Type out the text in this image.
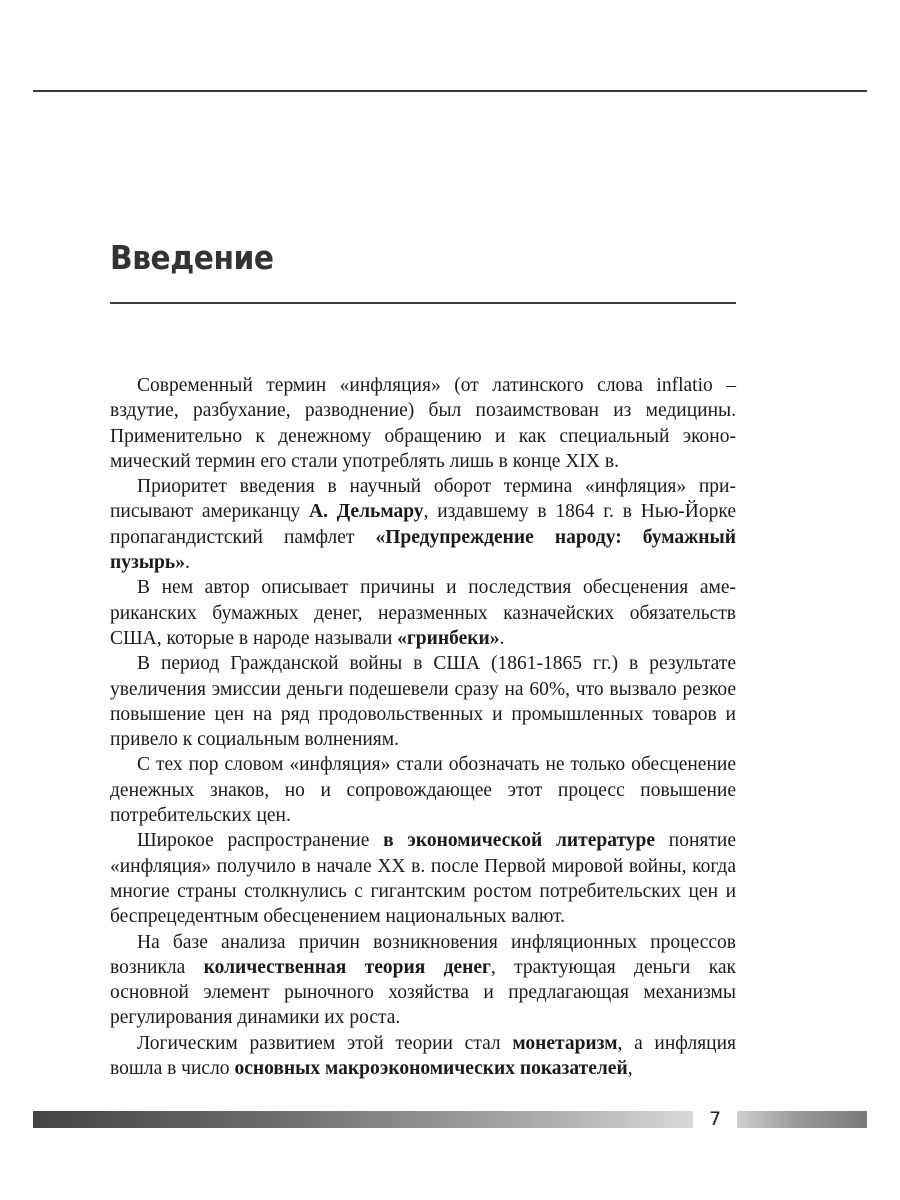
Введение

Современный термин «инфляция» (от латинского слова inflatio – вздутие, разбухание, разводнение) был позаимствован из медицины. Применительно к денежному обращению и как специальный экономический термин его стали употреблять лишь в конце XIX в.

Приоритет введения в научный оборот термина «инфляция» приписывают американцу А. Дельмару, издавшему в 1864 г. в Нью-Йорке пропагандистский памфлет «Предупреждение народу: бумажный пузырь».

В нем автор описывает причины и последствия обесценения американских бумажных денег, неразменных казначейских обязательств США, которые в народе называли «гринбеки».

В период Гражданской войны в США (1861-1865 гг.) в результате увеличения эмиссии деньги подешевели сразу на 60%, что вызвало резкое повышение цен на ряд продовольственных и промышленных товаров и привело к социальным волнениям.

С тех пор словом «инфляция» стали обозначать не только обесценение денежных знаков, но и сопровождающее этот процесс повышение потребительских цен.

Широкое распространение в экономической литературе понятие «инфляция» получило в начале XX в. после Первой мировой войны, когда многие страны столкнулись с гигантским ростом потребительских цен и беспрецедентным обесценением национальных валют.

На базе анализа причин возникновения инфляционных процессов возникла количественная теория денег, трактующая деньги как основной элемент рыночного хозяйства и предлагающая механизмы регулирования динамики их роста.

Логическим развитием этой теории стал монетаризм, а инфляция вошла в число основных макроэкономических показателей,

7
